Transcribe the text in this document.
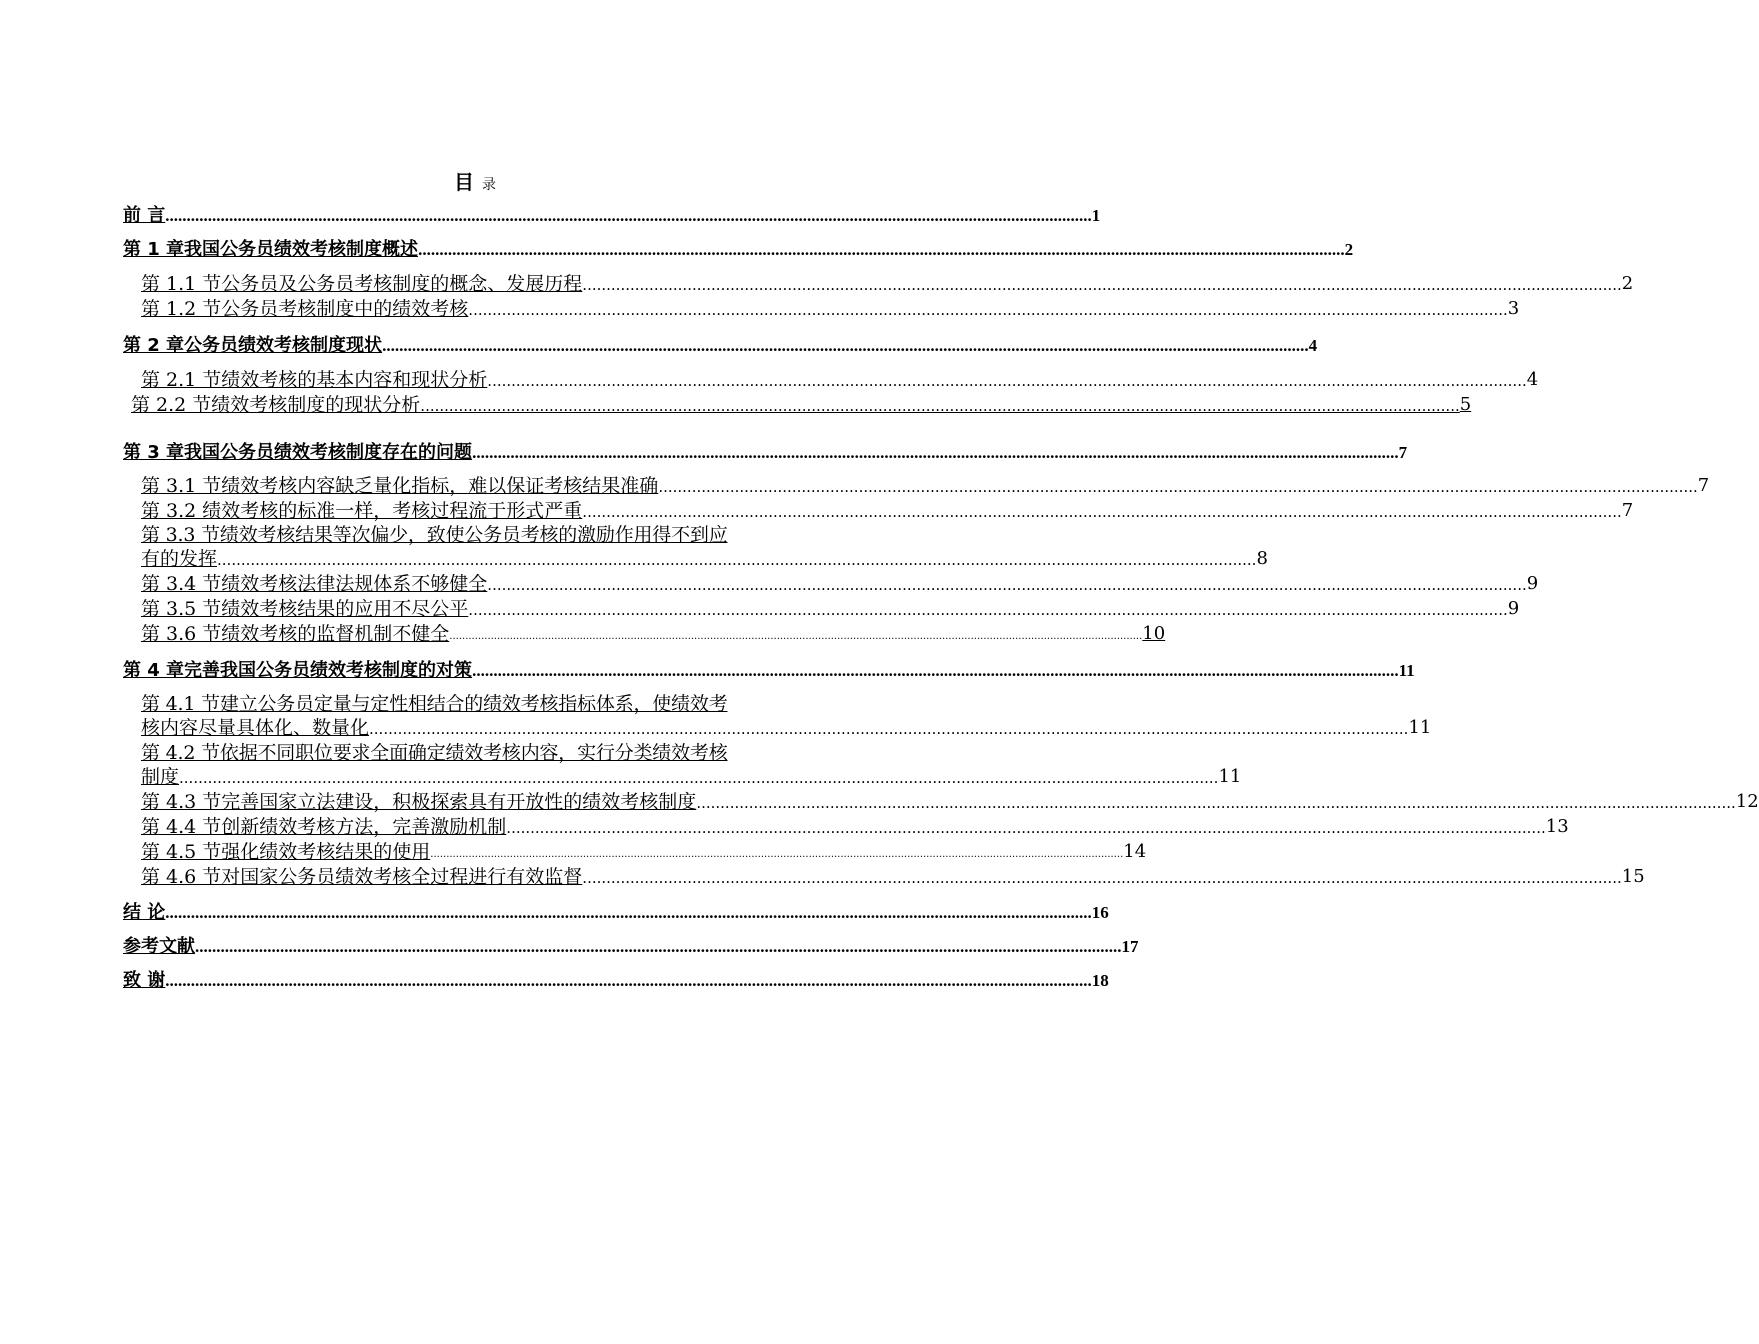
目 录
前 言 .......................................................................................................................................................................................................................... 1
第 1 章我国公务员绩效考核制度概述 .......................................................................................................................................................................................................................... 2
第 1.1 节公务员及公务员考核制度的概念、发展历程 .......................................................................................................................................................................................................................... 2
第 1.2 节公务员考核制度中的绩效考核 .......................................................................................................................................................................................................................... 3
第 2 章公务员绩效考核制度现状 .......................................................................................................................................................................................................................... 4
第 2.1 节绩效考核的基本内容和现状分析 .......................................................................................................................................................................................................................... 4
第 2.2 节绩效考核制度的现状分析 .......................................................................................................................................................................................................................... 5
第 3 章我国公务员绩效考核制度存在的问题 .......................................................................................................................................................................................................................... 7
第 3.1 节绩效考核内容缺乏量化指标，难以保证考核结果准确 .......................................................................................................................................................................................................................... 7
第 3.2 绩效考核的标准一样，考核过程流于形式严重 .......................................................................................................................................................................................................................... 7
第 3.3 节绩效考核结果等次偏少，致使公务员考核的激励作用得不到应
有的发挥 .......................................................................................................................................................................................................................... 8
第 3.4 节绩效考核法律法规体系不够健全 .......................................................................................................................................................................................................................... 9
第 3.5 节绩效考核结果的应用不尽公平 .......................................................................................................................................................................................................................... 9
第 3.6 节绩效考核的监督机制不健全 .......................................................................................................................................................................................................................... 10
第 4 章完善我国公务员绩效考核制度的对策 .......................................................................................................................................................................................................................... 11
第 4.1 节建立公务员定量与定性相结合的绩效考核指标体系，使绩效考
核内容尽量具体化、数量化 .......................................................................................................................................................................................................................... 11
第 4.2 节依据不同职位要求全面确定绩效考核内容，实行分类绩效考核
制度 .......................................................................................................................................................................................................................... 11
第 4.3 节完善国家立法建设，积极探索具有开放性的绩效考核制度 .......................................................................................................................................................................................................................... 12
第 4.4 节创新绩效考核方法，完善激励机制 .......................................................................................................................................................................................................................... 13
第 4.5 节强化绩效考核结果的使用 .......................................................................................................................................................................................................................... 14
第 4.6 节对国家公务员绩效考核全过程进行有效监督 .......................................................................................................................................................................................................................... 15
结 论 .......................................................................................................................................................................................................................... 16
参考文献 .......................................................................................................................................................................................................................... 17
致 谢 .......................................................................................................................................................................................................................... 18
